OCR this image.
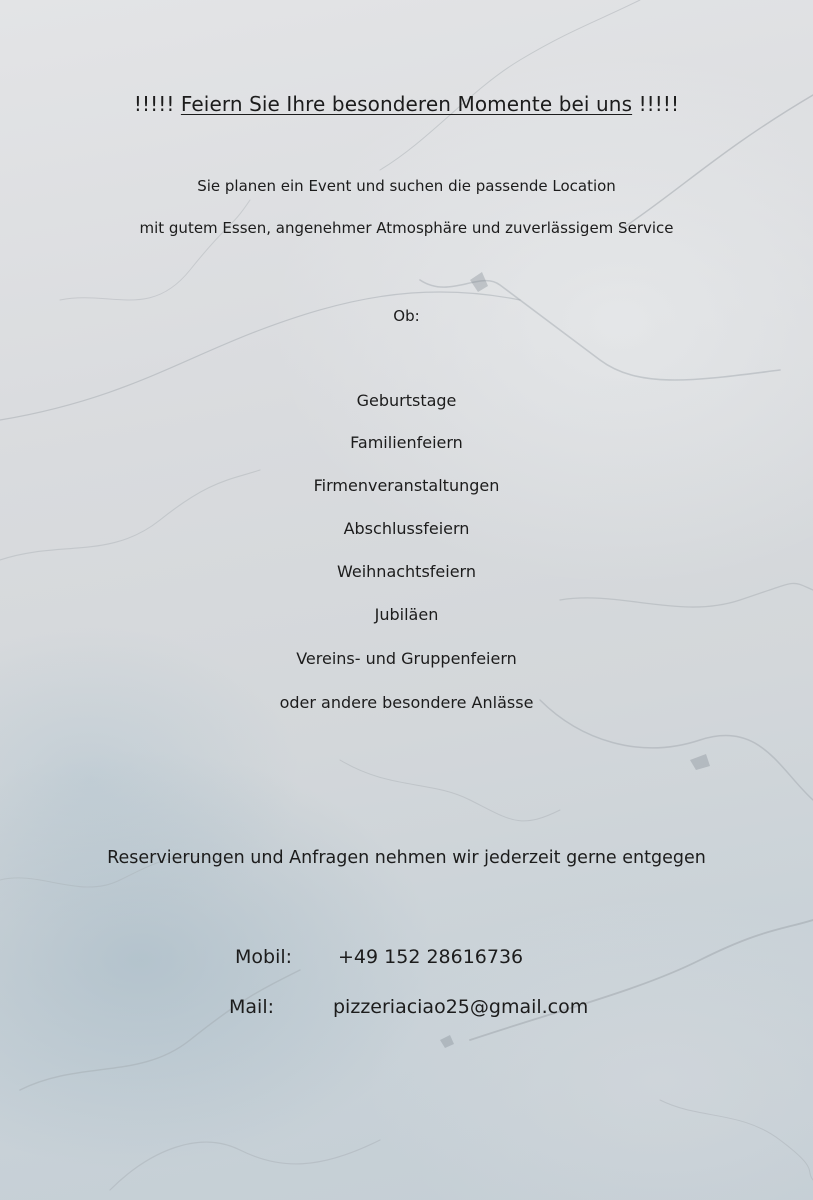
!!!!! Feiern Sie Ihre besonderen Momente bei uns !!!!!
Sie planen ein Event und suchen die passende Location
mit gutem Essen, angenehmer Atmosphäre und zuverlässigem Service
Ob:
Geburtstage
Familienfeiern
Firmenveranstaltungen
Abschlussfeiern
Weihnachtsfeiern
Jubiläen
Vereins- und Gruppenfeiern
oder andere besondere Anlässe
Reservierungen und Anfragen nehmen wir jederzeit gerne entgegen
Mobil: +49 152 28616736
Mail:	pizzeriaciao25@gmail.com
